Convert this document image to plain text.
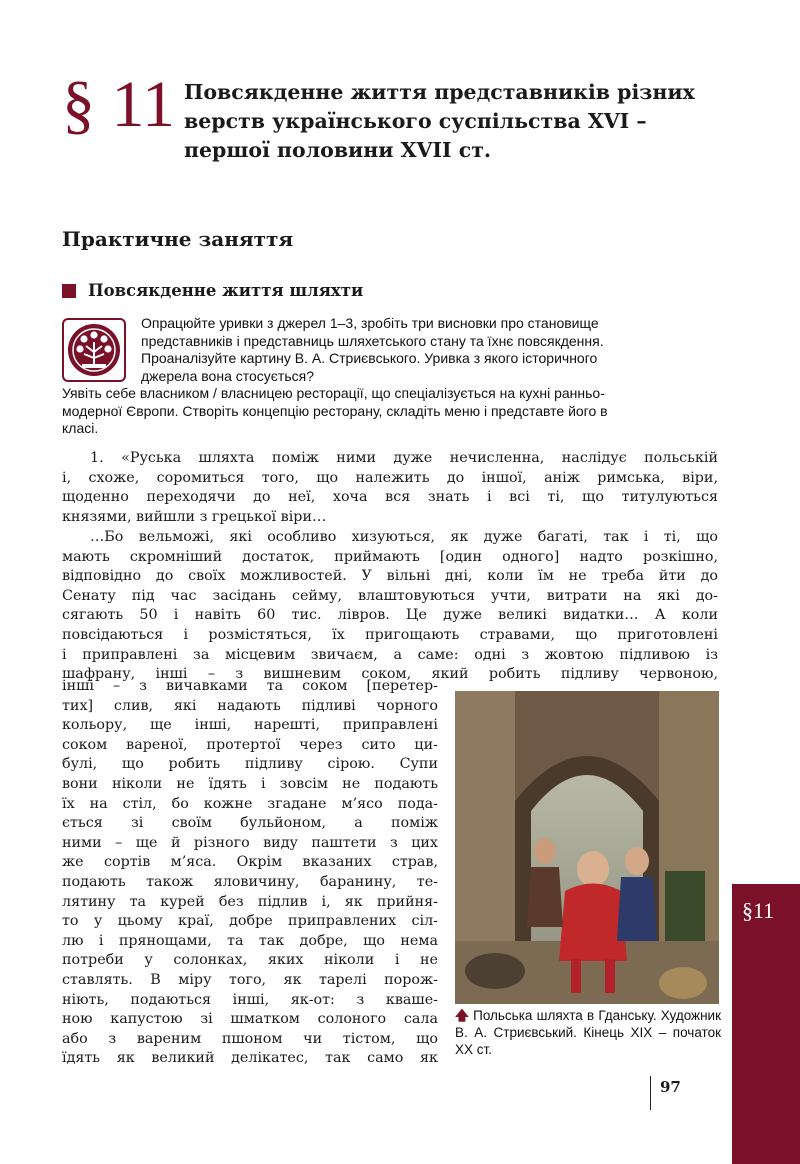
§ 11 Повсякденне життя представників різних
верств українського суспільства XVI –
першої половини XVII ст.
Практичне заняття
Повсякденне життя шляхти
Опрацюйте уривки з джерел 1–3, зробіть три висновки про становище
представників і представниць шляхетського стану та їхнє повсякдення.
Проаналізуйте картину В. А. Стриєвського. Уривка з якого історичного
джерела вона стосується?
Уявіть себе власником / власницею ресторації, що спеціалізується на кухні ранньо-
модерної Європи. Створіть концепцію ресторану, складіть меню і представте його в
класі.
1. «Руська шляхта поміж ними дуже нечисленна, наслідує польській
і, схоже, соромиться того, що належить до іншої, аніж римська, віри,
щоденно переходячи до неї, хоча вся знать і всі ті, що титулуються
князями, вийшли з грецької віри…
…Бо вельможі, які особливо хизуються, як дуже багаті, так і ті, що
мають скромніший достаток, приймають [один одного] надто розкішно,
відповідно до своїх можливостей. У вільні дні, коли їм не треба йти до
Сенату під час засідань сейму, влаштовуються учти, витрати на які до-
сягають 50 і навіть 60 тис. лівров. Це дуже великі видатки… А коли
повсідаються і розмістяться, їх пригощають стравами, що приготовлені
і приправлені за місцевим звичаєм, а саме: одні з жовтою підливою із
шафрану, інші – з вишневим соком, який робить підливу червоною,
інші – з вичавками та соком [перетер-
тих] слив, які надають підливі чорного
кольору, ще інші, нарешті, приправлені
соком вареної, протертої через сито ци-
булі, що робить підливу сірою. Супи
вони ніколи не їдять і зовсім не подають
їх на стіл, бо кожне згадане м’ясо пода-
ється зі своїм бульйоном, а поміж
ними – ще й різного виду паштети з цих
же сортів м’яса. Окрім вказаних страв,
подають також яловичину, баранину, те-
лятину та курей без підлив і, як прийня-
то у цьому краї, добре приправлених сіл-
лю і прянощами, та так добре, що нема
потреби у солонках, яких ніколи і не
ставлять. В міру того, як тарелі порож-
ніють, подаються інші, як-от: з кваше-
ною капустою зі шматком солоного сала
або з вареним пшоном чи тістом, що
їдять як великий делікатес, так само як
🡅 Польська шляхта в Гданську. Художник В. А. Стриєвський. Кінець XIX – початок XX ст.
§11
97
